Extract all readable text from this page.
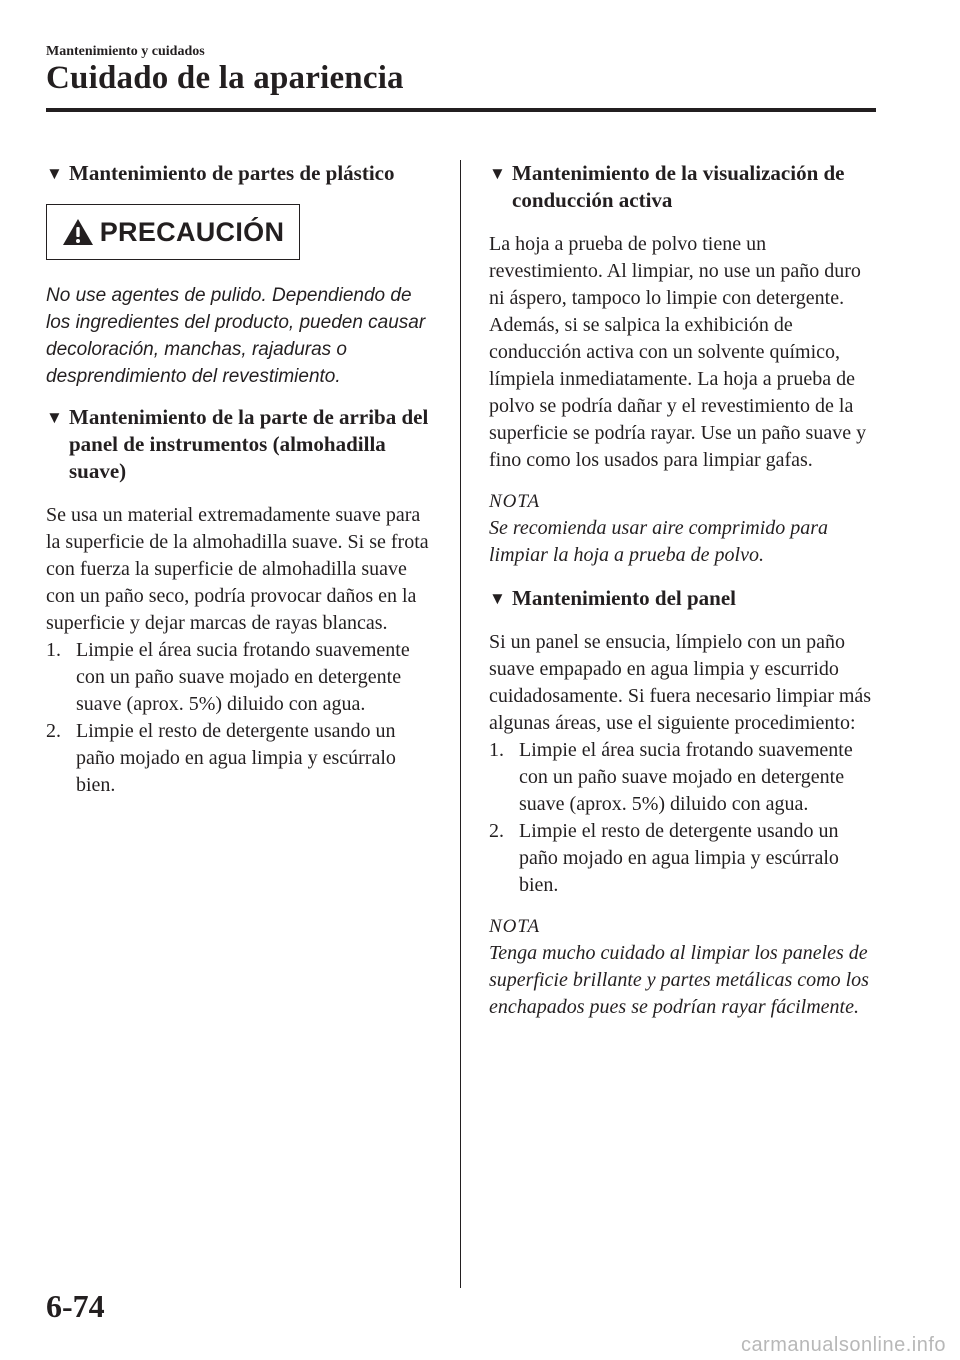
Mantenimiento y cuidados
Cuidado de la apariencia
▼ Mantenimiento de partes de plástico
PRECAUCIÓN

No use agentes de pulido. Dependiendo de los ingredientes del producto, pueden causar decoloración, manchas, rajaduras o desprendimiento del revestimiento.

▼ Mantenimiento de la parte de arriba del panel de instrumentos (almohadilla suave)

Se usa un material extremadamente suave para la superficie de la almohadilla suave. Si se frota con fuerza la superficie de almohadilla suave con un paño seco, podría provocar daños en la superficie y dejar marcas de rayas blancas.

1. Limpie el área sucia frotando suavemente con un paño suave mojado en detergente suave (aprox. 5%) diluido con agua.
2. Limpie el resto de detergente usando un paño mojado en agua limpia y escúrralo bien.
▼ Mantenimiento de la visualización de conducción activa

La hoja a prueba de polvo tiene un revestimiento. Al limpiar, no use un paño duro ni áspero, tampoco lo limpie con detergente. Además, si se salpica la exhibición de conducción activa con un solvente químico, límpiela inmediatamente. La hoja a prueba de polvo se podría dañar y el revestimiento de la superficie se podría rayar. Use un paño suave y fino como los usados para limpiar gafas.

NOTA

Se recomienda usar aire comprimido para limpiar la hoja a prueba de polvo.

▼ Mantenimiento del panel

Si un panel se ensucia, límpielo con un paño suave empapado en agua limpia y escurrido cuidadosamente. Si fuera necesario limpiar más algunas áreas, use el siguiente procedimiento:

1. Limpie el área sucia frotando suavemente con un paño suave mojado en detergente suave (aprox. 5%) diluido con agua.
2. Limpie el resto de detergente usando un paño mojado en agua limpia y escúrralo bien.
NOTA

Tenga mucho cuidado al limpiar los paneles de superficie brillante y partes metálicas como los enchapados pues se podrían rayar fácilmente.

6-74
carmanualsonline.info
